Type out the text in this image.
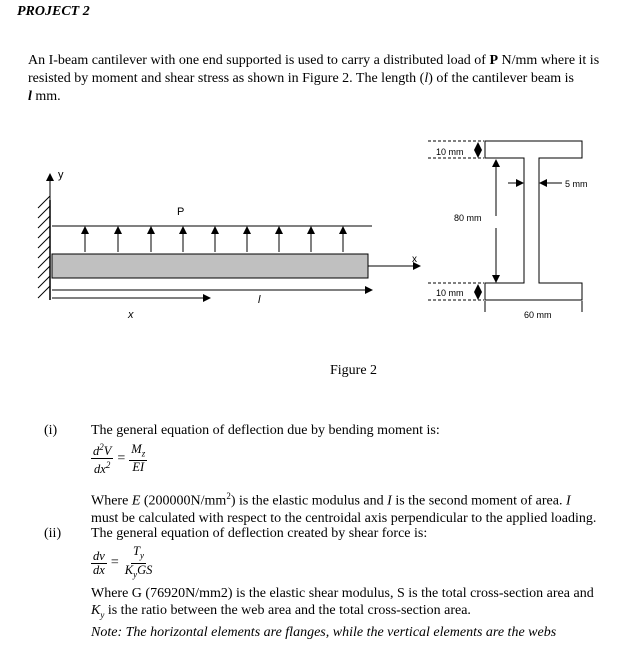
PROJECT 2
An I-beam cantilever with one end supported is used to carry a distributed load of P N/mm where it is resisted by moment and shear stress as shown in Figure 2. The length (l) of the cantilever beam is
l mm.
y
P
x
x
l
10 mm
80 mm
5 mm
10 mm
60 mm
Figure 2
(i) The general equation of deflection due by bending moment is:
$\frac{d^2V}{dx^2} = \frac{M_z}{EI}$
Where E $(200000N/mm^2)$ is the elastic modulus and I is the second moment of area. I
must be calculated with respect to the centroidal axis perpendicular to the applied loading.
(ii) The general equation of deflection created by shear force is:
$\frac{dv}{dx} = \frac{T_y}{K_yGS}$
Where G (76920N/mm2) is the elastic shear modulus, S is the total cross-section area and
$K_y$ is the ratio between the web area and the total cross-section area.
Note: The horizontal elements are flanges, while the vertical elements are the webs
